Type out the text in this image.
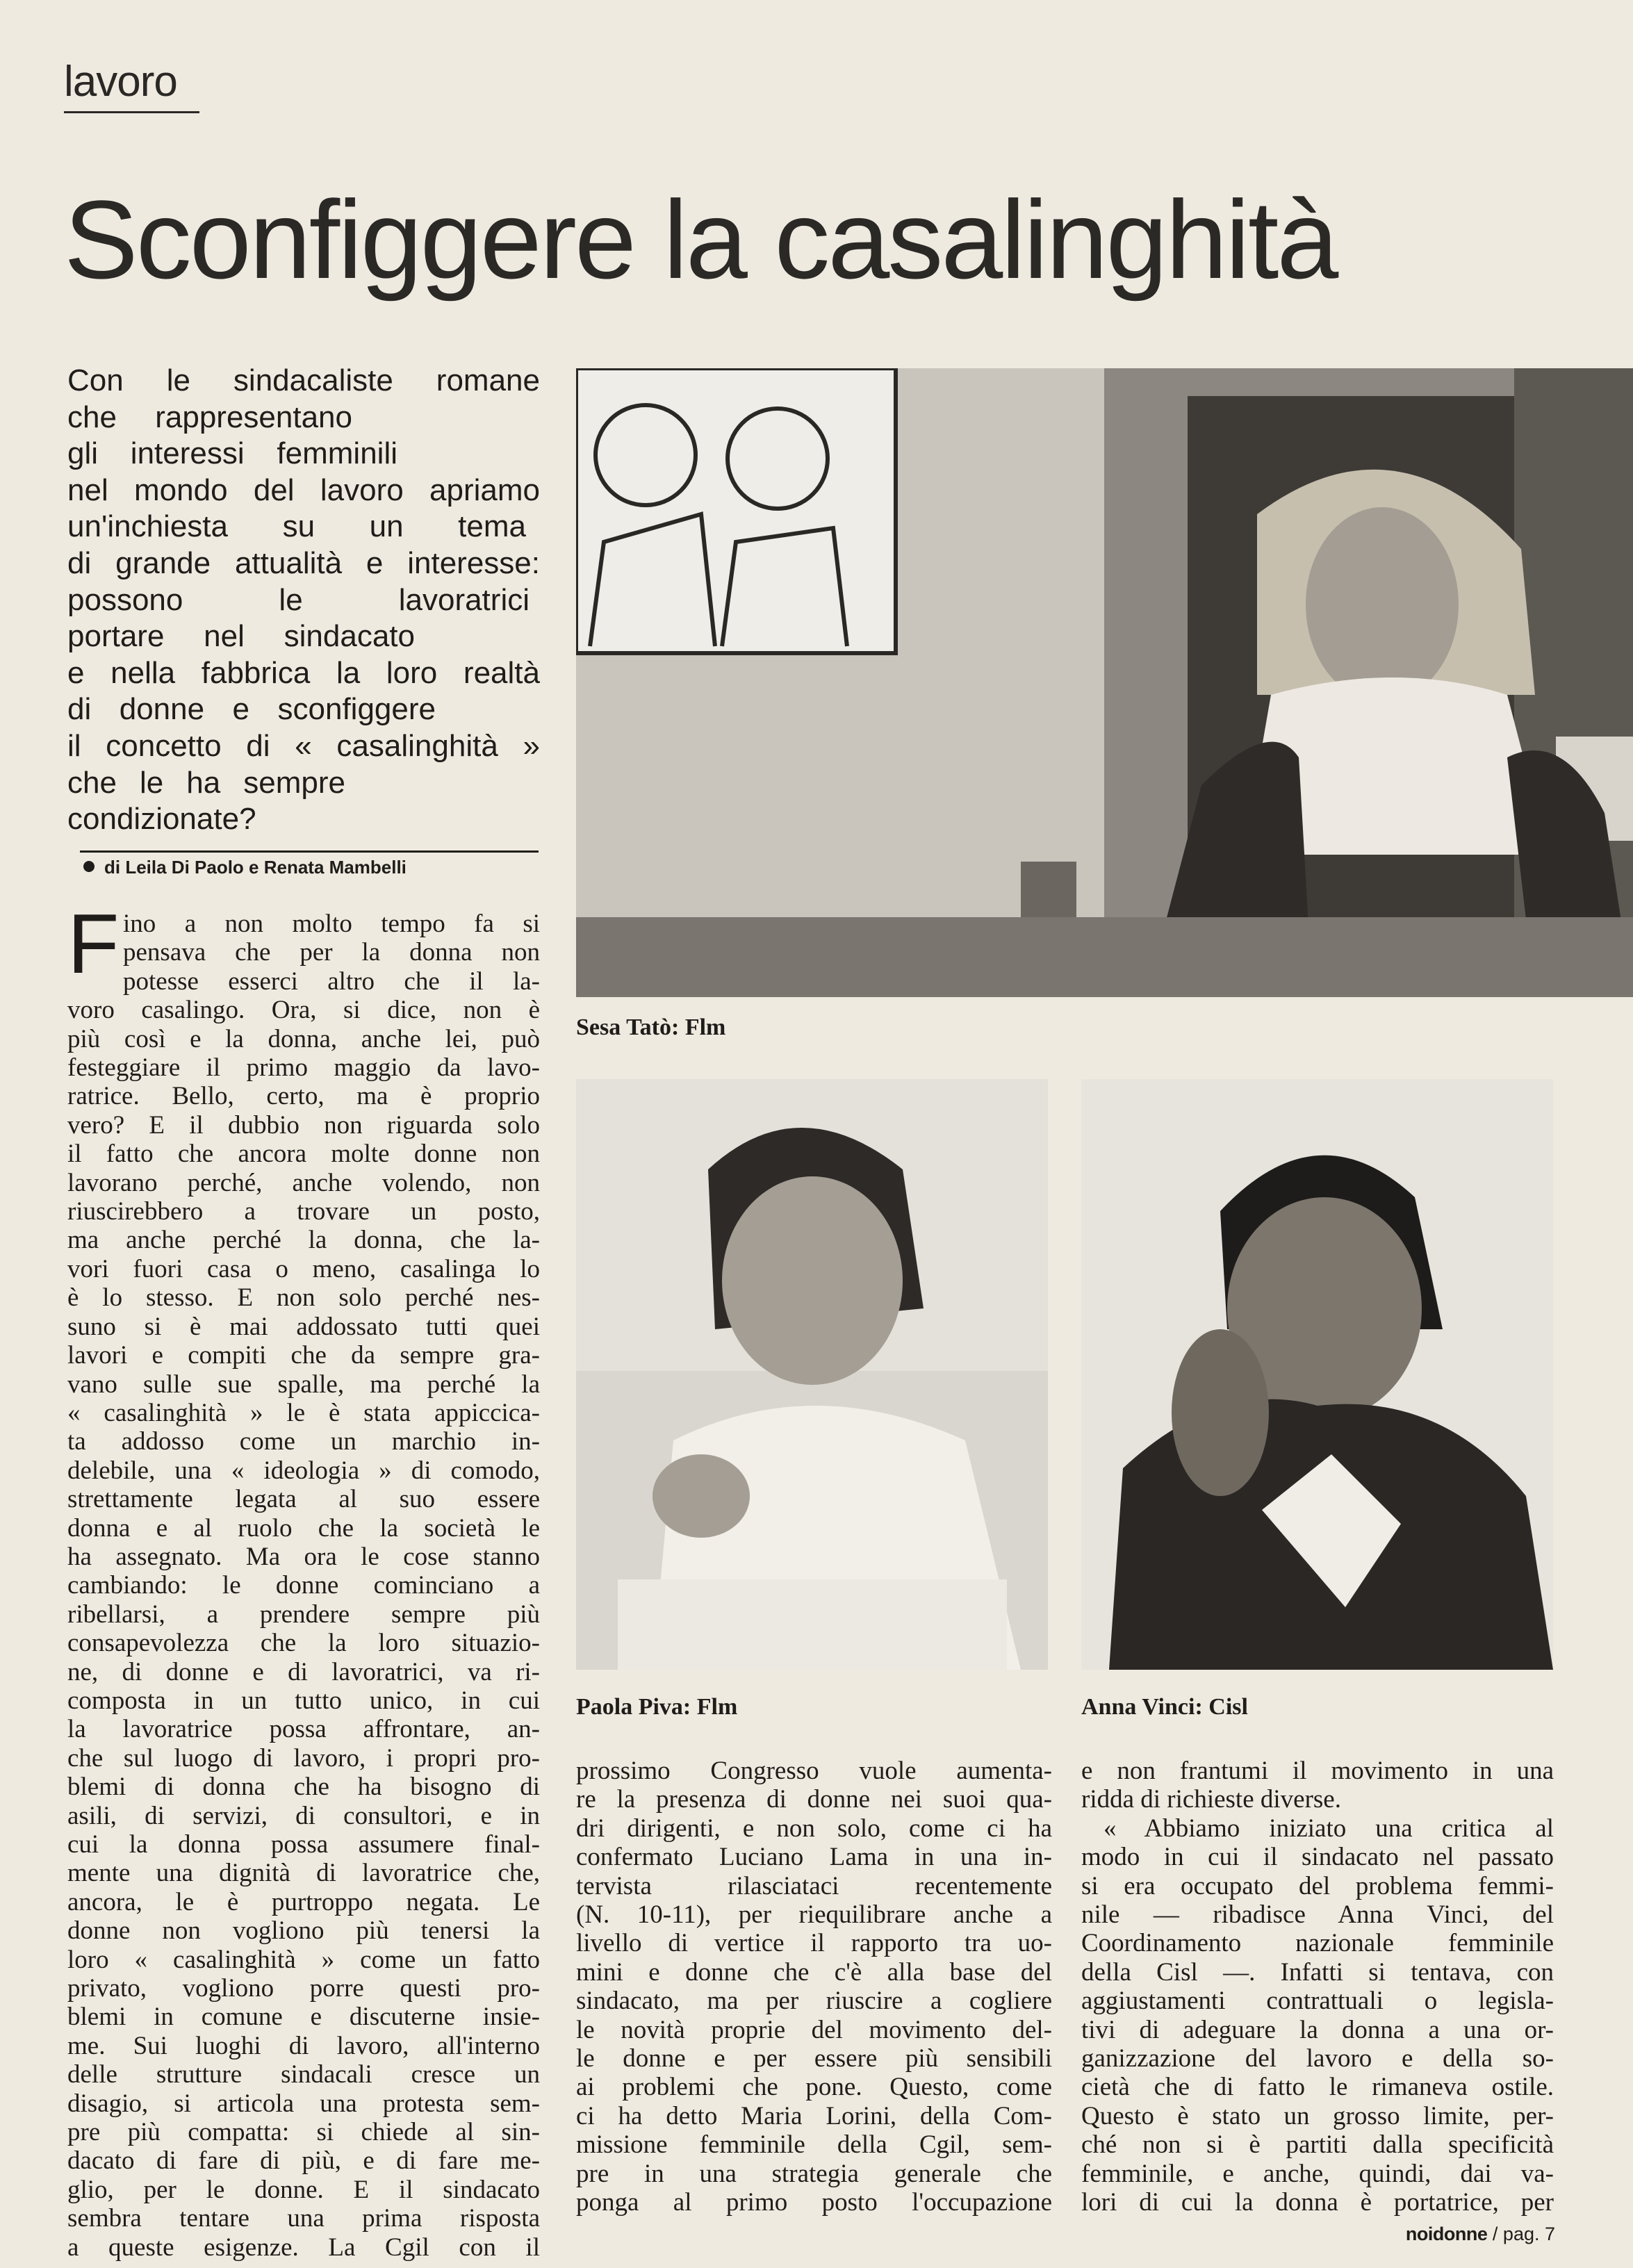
lavoro
Sconfiggere la casalinghità
Con le sindacaliste romane
che rappresentano
gli interessi femminili
nel mondo del lavoro apriamo
un'inchiesta su un tema
di grande attualità e interesse:
possono le lavoratrici
portare nel sindacato
e nella fabbrica la loro realtà
di donne e sconfiggere
il concetto di « casalinghità »
che le ha sempre
condizionate?
di Leila Di Paolo e Renata Mambelli
F ino a non molto tempo fa si
pensava che per la donna non
potesse esserci altro che il la-
voro casalingo. Ora, si dice, non è
più così e la donna, anche lei, può
festeggiare il primo maggio da lavo-
ratrice. Bello, certo, ma è proprio
vero? E il dubbio non riguarda solo
il fatto che ancora molte donne non
lavorano perché, anche volendo, non
riuscirebbero a trovare un posto,
ma anche perché la donna, che la-
vori fuori casa o meno, casalinga lo
è lo stesso. E non solo perché nes-
suno si è mai addossato tutti quei
lavori e compiti che da sempre gra-
vano sulle sue spalle, ma perché la
« casalinghità » le è stata appiccica-
ta addosso come un marchio in-
delebile, una « ideologia » di comodo,
strettamente legata al suo essere
donna e al ruolo che la società le
ha assegnato. Ma ora le cose stanno
cambiando: le donne cominciano a
ribellarsi, a prendere sempre più
consapevolezza che la loro situazio-
ne, di donne e di lavoratrici, va ri-
composta in un tutto unico, in cui
la lavoratrice possa affrontare, an-
che sul luogo di lavoro, i propri pro-
blemi di donna che ha bisogno di
asili, di servizi, di consultori, e in
cui la donna possa assumere final-
mente una dignità di lavoratrice che,
ancora, le è purtroppo negata. Le
donne non vogliono più tenersi la
loro « casalinghità » come un fatto
privato, vogliono porre questi pro-
blemi in comune e discuterne insie-
me. Sui luoghi di lavoro, all'interno
delle strutture sindacali cresce un
disagio, si articola una protesta sem-
pre più compatta: si chiede al sin-
dacato di fare di più, e di fare me-
glio, per le donne. E il sindacato
sembra tentare una prima risposta
a queste esigenze. La Cgil con il
Sesa Tatò: Flm
Paola Piva: Flm	Anna Vinci: Cisl
prossimo Congresso vuole aumenta-
re la presenza di donne nei suoi qua-
dri dirigenti, e non solo, come ci ha
confermato Luciano Lama in una in-
tervista rilasciataci recentemente
(N. 10-11), per riequilibrare anche a
livello di vertice il rapporto tra uo-
mini e donne che c'è alla base del
sindacato, ma per riuscire a cogliere
le novità proprie del movimento del-
le donne e per essere più sensibili
ai problemi che pone. Questo, come
ci ha detto Maria Lorini, della Com-
missione femminile della Cgil, sem-
pre in una strategia generale che
ponga al primo posto l'occupazione
e non frantumi il movimento in una
ridda di richieste diverse.
« Abbiamo iniziato una critica al
modo in cui il sindacato nel passato
si era occupato del problema femmi-
nile — ribadisce Anna Vinci, del
Coordinamento nazionale femminile
della Cisl —. Infatti si tentava, con
aggiustamenti contrattuali o legisla-
tivi di adeguare la donna a una or-
ganizzazione del lavoro e della so-
cietà che di fatto le rimaneva ostile.
Questo è stato un grosso limite, per-
ché non si è partiti dalla specificità
femminile, e anche, quindi, dai va-
lori di cui la donna è portatrice, per
noidonne / pag. 7
